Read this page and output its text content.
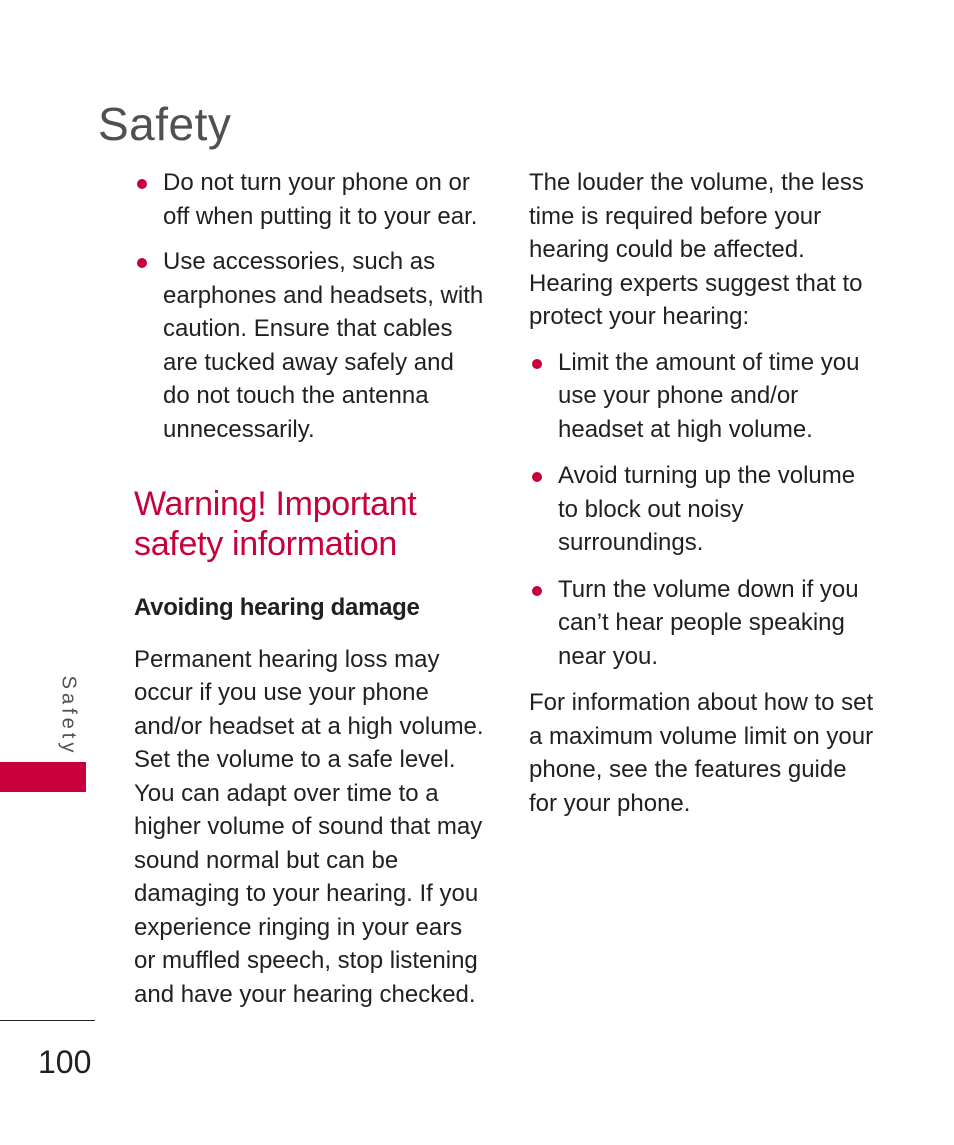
Safety
Do not turn your phone on or off when putting it to your ear.
Use accessories, such as earphones and headsets, with caution. Ensure that cables are tucked away safely and do not touch the antenna unnecessarily.
Warning! Important safety information
Avoiding hearing damage

Permanent hearing loss may occur if you use your phone and/or headset at a high volume. Set the volume to a safe level. You can adapt over time to a higher volume of sound that may sound normal but can be damaging to your hearing. If you experience ringing in your ears or muffled speech, stop listening and have your hearing checked.

The louder the volume, the less time is required before your hearing could be affected. Hearing experts suggest that to protect your hearing:

Limit the amount of time you use your phone and/or headset at high volume.
Avoid turning up the volume to block out noisy surroundings.
Turn the volume down if you can’t hear people speaking near you.

For information about how to set a maximum volume limit on your phone, see the features guide for your phone.

Safety
100
